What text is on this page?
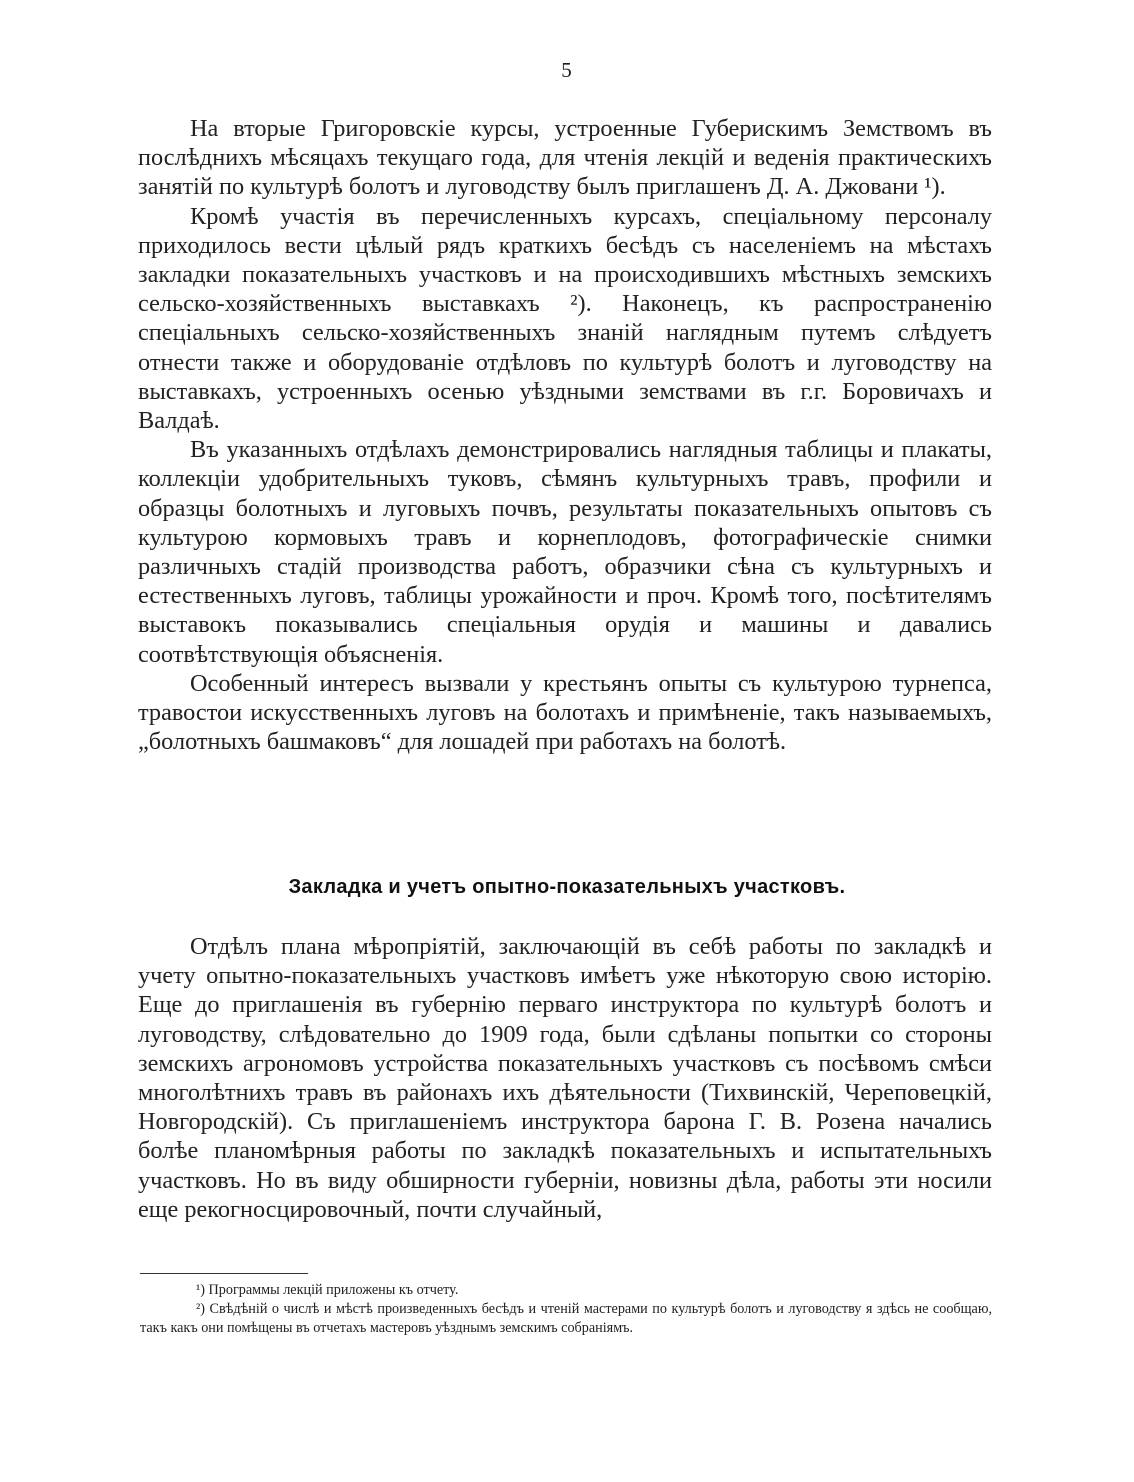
5

На вторые Григоровскіе курсы, устроенные Губерискимъ Земствомъ въ послѣднихъ мѣсяцахъ текущаго года, для чтенія лекцій и веденія практическихъ занятій по культурѣ болотъ и луговодству былъ приглашенъ Д. А. Джовани ¹).

Кромѣ участія въ перечисленныхъ курсахъ, спеціальному персоналу приходилось вести цѣлый рядъ краткихъ бесѣдъ съ населеніемъ на мѣстахъ закладки показательныхъ участковъ и на происходившихъ мѣстныхъ земскихъ сельско-хозяйственныхъ выставкахъ ²). Наконецъ, къ распространенію спеціальныхъ сельско-хозяйственныхъ знаній наглядным путемъ слѣдуетъ отнести также и оборудованіе отдѣловъ по культурѣ болотъ и луговодству на выставкахъ, устроенныхъ осенью уѣздными земствами въ г.г. Боровичахъ и Валдаѣ.

Въ указанныхъ отдѣлахъ демонстрировались наглядныя таблицы и плакаты, коллекціи удобрительныхъ туковъ, сѣмянъ культурныхъ травъ, профили и образцы болотныхъ и луговыхъ почвъ, результаты показательныхъ опытовъ съ культурою кормовыхъ травъ и корнеплодовъ, фотографическіе снимки различныхъ стадій производства работъ, образчики сѣна съ культурныхъ и естественныхъ луговъ, таблицы урожайности и проч. Кромѣ того, посѣтителямъ выставокъ показывались спеціальныя орудія и машины и давались соотвѣтствующія объясненія.

Особенный интересъ вызвали у крестьянъ опыты съ культурою турнепса, травостои искусственныхъ луговъ на болотахъ и примѣненіе, такъ называемыхъ, „болотныхъ башмаковъ“ для лошадей при работахъ на болотѣ.

Закладка и учетъ опытно-показательныхъ участковъ.

Отдѣлъ плана мѣропріятій, заключающій въ себѣ работы по закладкѣ и учету опытно-показательныхъ участковъ имѣетъ уже нѣкоторую свою исторію. Еще до приглашенія въ губернію перваго инструктора по культурѣ болотъ и луговодству, слѣдовательно до 1909 года, были сдѣланы попытки со стороны земскихъ агрономовъ устройства показательныхъ участковъ съ посѣвомъ смѣси многолѣтнихъ травъ въ районахъ ихъ дѣятельности (Тихвинскій, Череповецкій, Новгородскій). Съ приглашеніемъ инструктора барона Г. В. Розена начались болѣе планомѣрныя работы по закладкѣ показательныхъ и испытательныхъ участковъ. Но въ виду обширности губерніи, новизны дѣла, работы эти носили еще рекогносцировочный, почти случайный,

¹) Программы лекцій приложены къ отчету.

²) Свѣдѣній о числѣ и мѣстѣ произведенныхъ бесѣдъ и чтеній мастерами по культурѣ болотъ и луговодству я здѣсь не сообщаю, такъ какъ они помѣщены въ отчетахъ мастеровъ уѣзднымъ земскимъ собраніямъ.
